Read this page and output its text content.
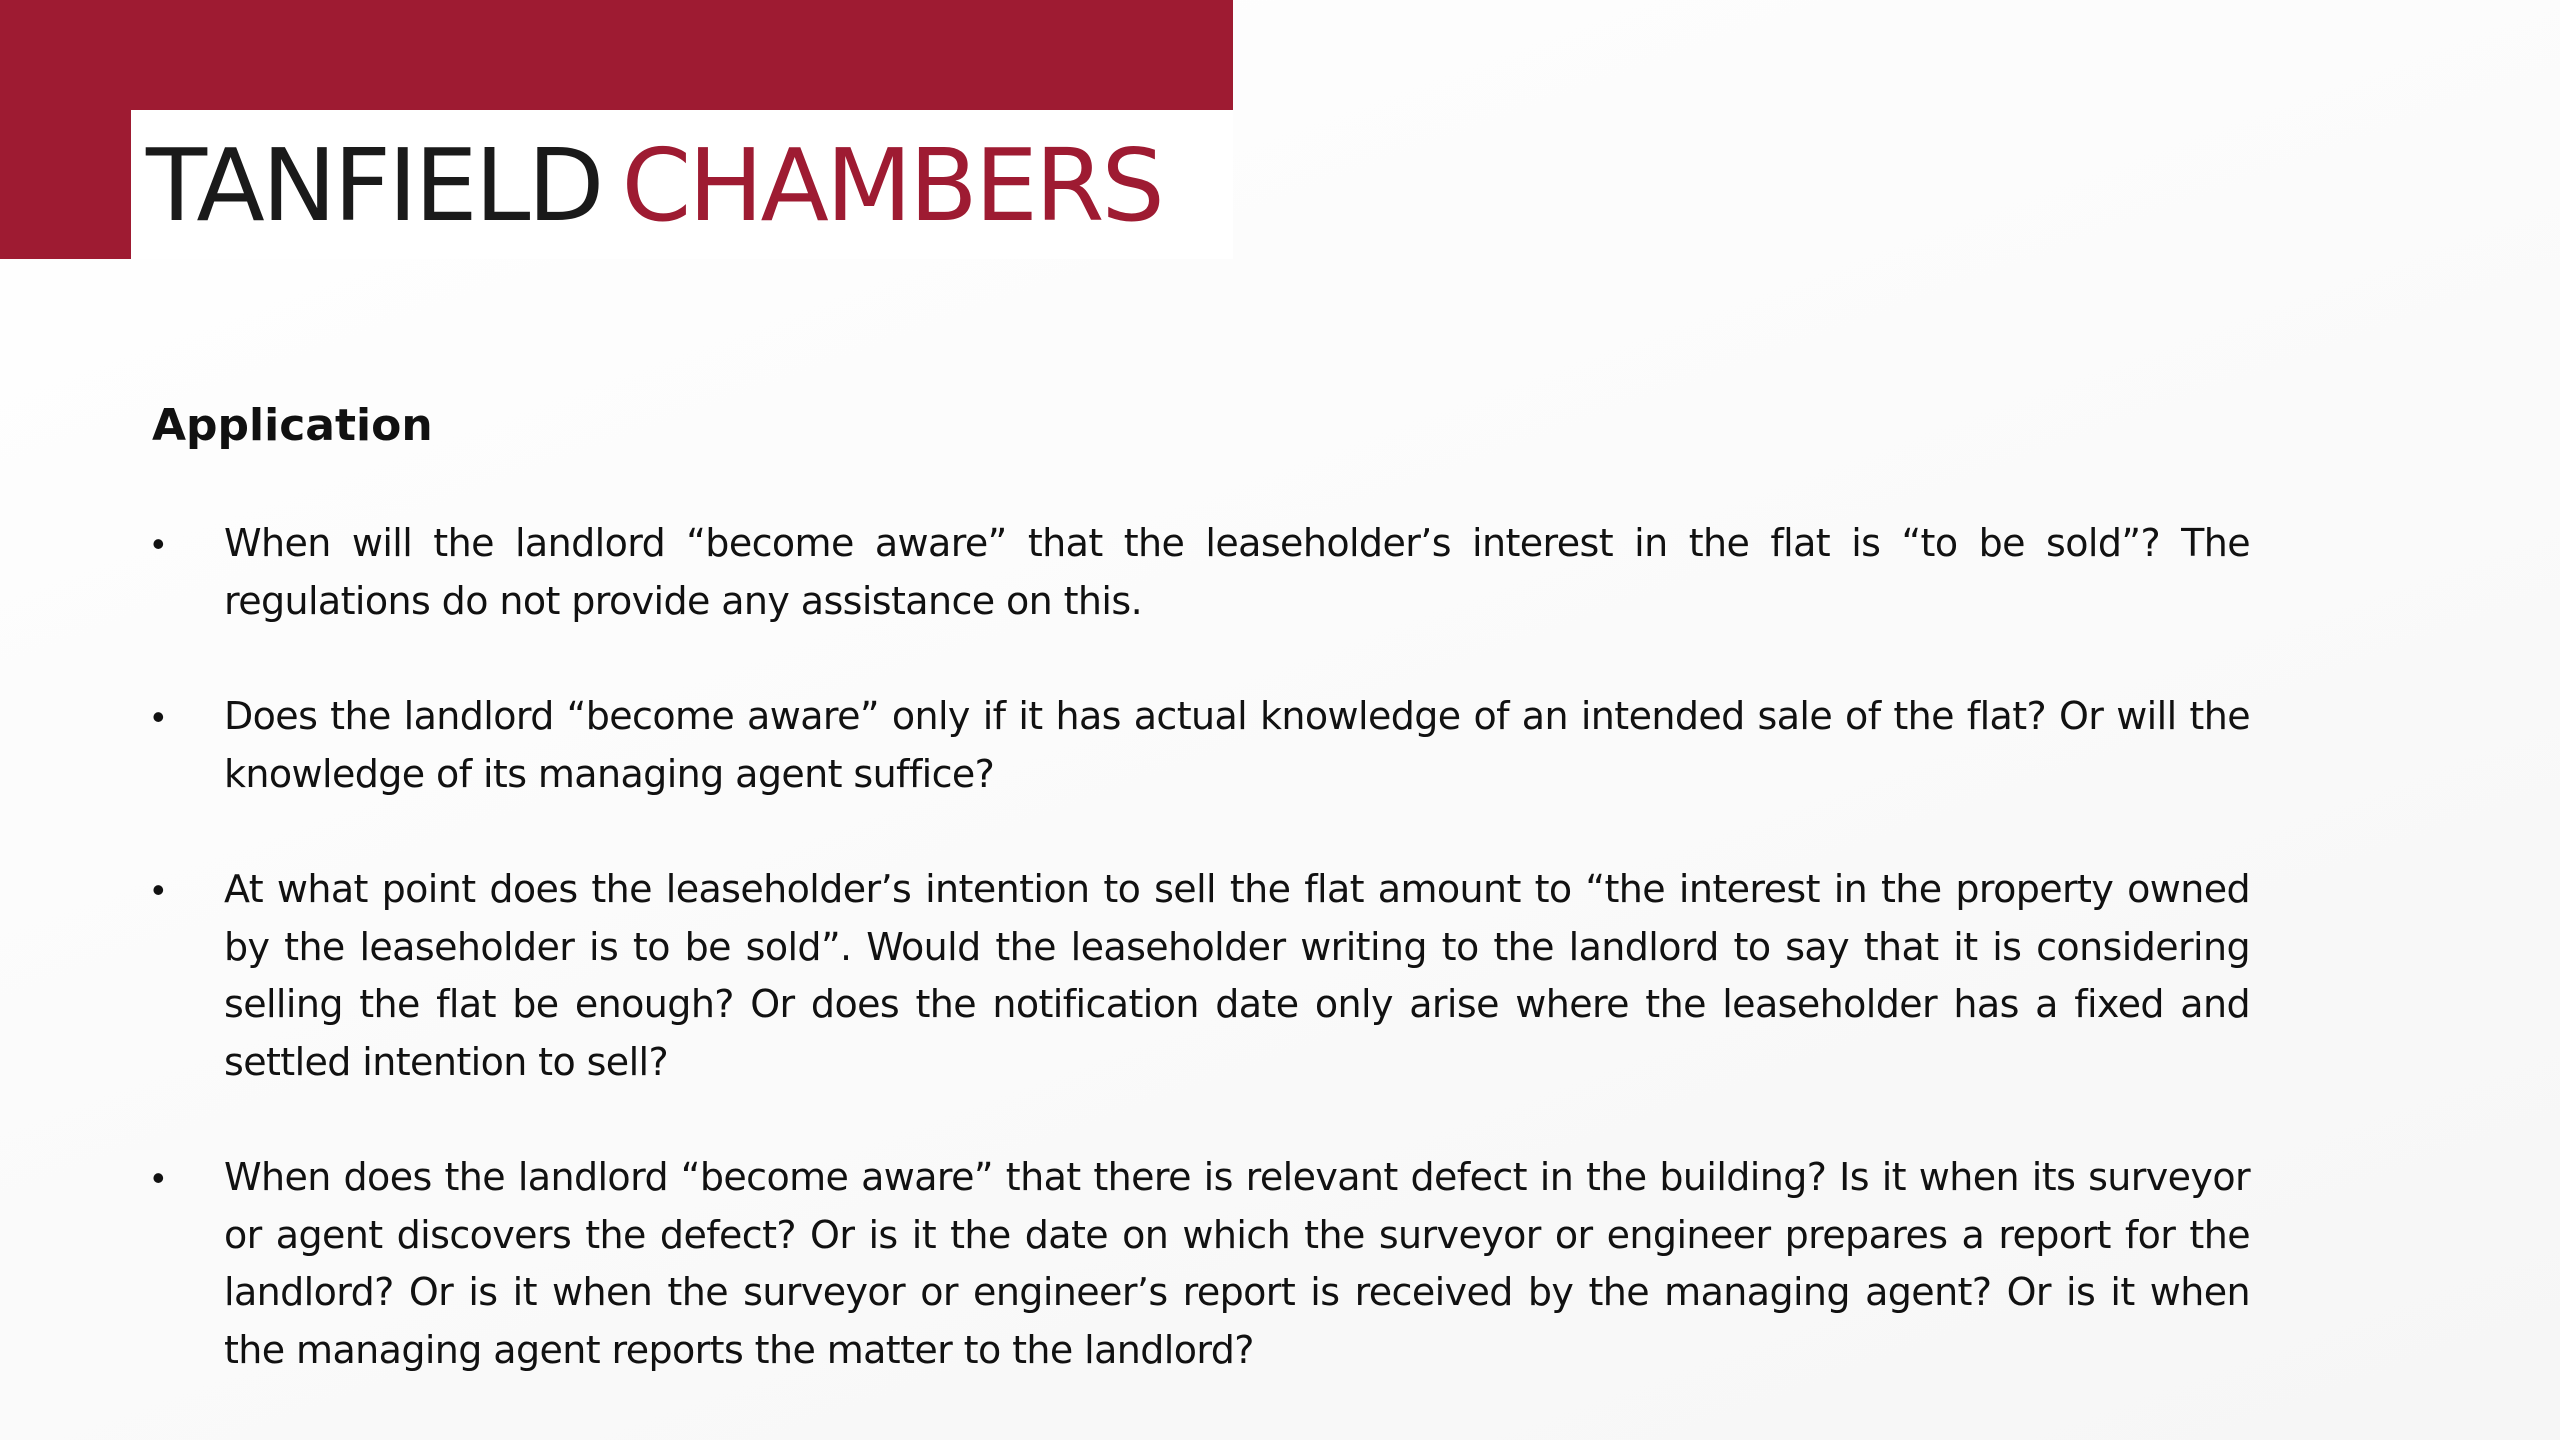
TANFIELD CHAMBERS
Application
•	When will the landlord “become aware” that the leaseholder’s interest in the flat is “to be sold”? The regulations do not provide any assistance on this.
•	Does the landlord “become aware” only if it has actual knowledge of an intended sale of the flat? Or will the knowledge of its managing agent suffice?
•	At what point does the leaseholder’s intention to sell the flat amount to “the interest in the property owned by the leaseholder is to be sold”. Would the leaseholder writing to the landlord to say that it is considering selling the flat be enough? Or does the notification date only arise where the leaseholder has a fixed and settled intention to sell?
•	When does the landlord “become aware” that there is relevant defect in the building? Is it when its surveyor or agent discovers the defect? Or is it the date on which the surveyor or engineer prepares a report for the landlord? Or is it when the surveyor or engineer’s report is received by the managing agent? Or is it when the managing agent reports the matter to the landlord?
